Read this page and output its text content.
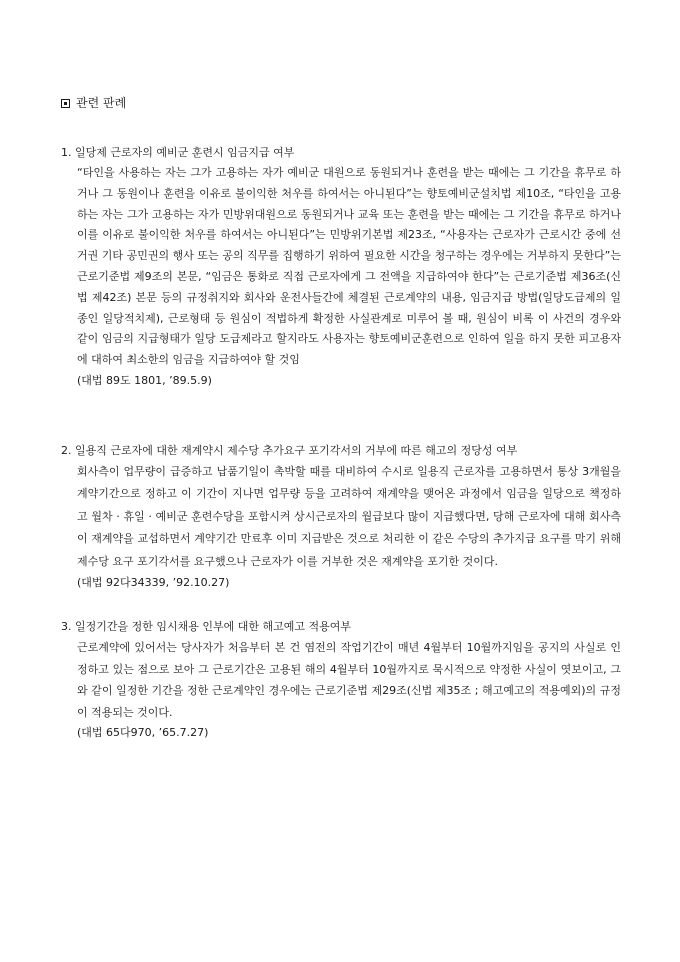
관련 판례
1. 일당제 근로자의 예비군 훈련시 임금지급 여부
“타인을 사용하는 자는 그가 고용하는 자가 예비군 대원으로 동원되거나 훈련을 받는 때에는 그 기간을 휴무로 하거나 그 동원이나 훈련을 이유로 불이익한 처우를 하여서는 아니된다”는 향토예비군설치법 제10조, “타인을 고용하는 자는 그가 고용하는 자가 민방위대원으로 동원되거나 교육 또는 훈련을 받는 때에는 그 기간을 휴무로 하거나 이를 이유로 불이익한 처우를 하여서는 아니된다”는 민방위기본법 제23조, “사용자는 근로자가 근로시간 중에 선거권 기타 공민권의 행사 또는 공의 직무를 집행하기 위하여 필요한 시간을 청구하는 경우에는 거부하지 못한다”는 근로기준법 제9조의 본문, “임금은 통화로 직접 근로자에게 그 전액을 지급하여야 한다”는 근로기준법 제36조(신법 제42조) 본문 등의 규정취지와 회사와 운전사들간에 체결된 근로계약의 내용, 임금지급 방법(일당도급제의 일종인 일당적치제), 근로형태 등 원심이 적법하게 확정한 사실관계로 미루어 볼 때, 원심이 비록 이 사건의 경우와 같이 임금의 지급형태가 일당 도급제라고 할지라도 사용자는 향토예비군훈련으로 인하여 일을 하지 못한 피고용자에 대하여 최소한의 임금을 지급하여야 할 것임
(대법 89도 1801, ’89.5.9)
2. 일용직 근로자에 대한 재계약시 제수당 추가요구 포기각서의 거부에 따른 해고의 정당성 여부
회사측이 업무량이 급증하고 납품기일이 촉박할 때를 대비하여 수시로 일용직 근로자를 고용하면서 통상 3개월을 계약기간으로 정하고 이 기간이 지나면 업무량 등을 고려하여 재계약을 맺어온 과정에서 임금을 일당으로 책정하고 월차 · 휴일 · 예비군 훈련수당을 포함시켜 상시근로자의 월급보다 많이 지급했다면, 당해 근로자에 대해 회사측이 재계약을 교섭하면서 계약기간 만료후 이미 지급받은 것으로 처리한 이 같은 수당의 추가지급 요구를 막기 위해 제수당 요구 포기각서를 요구했으나 근로자가 이를 거부한 것은 재계약을 포기한 것이다.
(대법 92다34339, ’92.10.27)
3. 일정기간을 정한 임시채용 인부에 대한 해고예고 적용여부
근로계약에 있어서는 당사자가 처음부터 본 건 염전의 작업기간이 매년 4월부터 10월까지임을 공지의 사실로 인정하고 있는 점으로 보아 그 근로기간은 고용된 해의 4월부터 10월까지로 묵시적으로 약정한 사실이 엿보이고, 그와 같이 일정한 기간을 정한 근로계약인 경우에는 근로기준법 제29조(신법 제35조 ; 해고예고의 적용예외)의 규정이 적용되는 것이다.
(대법 65다970, ’65.7.27)
